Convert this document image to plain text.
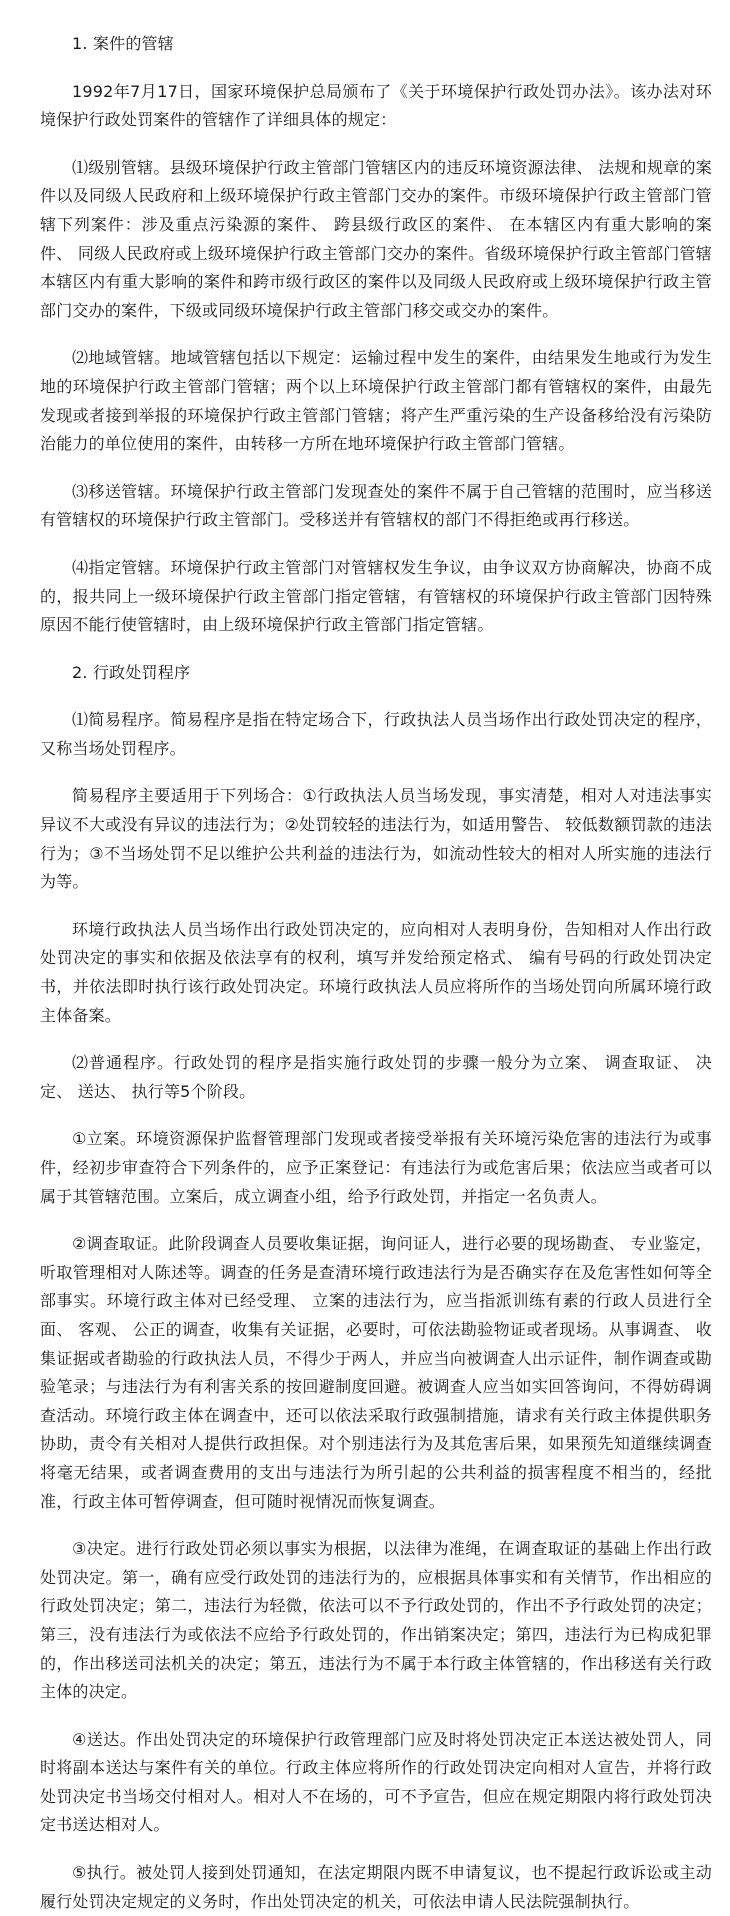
1. 案件的管辖

1992年7月17日，国家环境保护总局颁布了《关于环境保护行政处罚办法》。该办法对环境保护行政处罚案件的管辖作了详细具体的规定：

⑴级别管辖。县级环境保护行政主管部门管辖区内的违反环境资源法律、 法规和规章的案件以及同级人民政府和上级环境保护行政主管部门交办的案件。市级环境保护行政主管部门管辖下列案件：涉及重点污染源的案件、 跨县级行政区的案件、 在本辖区内有重大影响的案件、 同级人民政府或上级环境保护行政主管部门交办的案件。省级环境保护行政主管部门管辖本辖区内有重大影响的案件和跨市级行政区的案件以及同级人民政府或上级环境保护行政主管部门交办的案件，下级或同级环境保护行政主管部门移交或交办的案件。

⑵地域管辖。地域管辖包括以下规定：运输过程中发生的案件，由结果发生地或行为发生地的环境保护行政主管部门管辖；两个以上环境保护行政主管部门都有管辖权的案件，由最先发现或者接到举报的环境保护行政主管部门管辖；将产生严重污染的生产设备移给没有污染防治能力的单位使用的案件，由转移一方所在地环境保护行政主管部门管辖。

⑶移送管辖。环境保护行政主管部门发现查处的案件不属于自己管辖的范围时，应当移送有管辖权的环境保护行政主管部门。受移送并有管辖权的部门不得拒绝或再行移送。

⑷指定管辖。环境保护行政主管部门对管辖权发生争议，由争议双方协商解决，协商不成的，报共同上一级环境保护行政主管部门指定管辖，有管辖权的环境保护行政主管部门因特殊原因不能行使管辖时，由上级环境保护行政主管部门指定管辖。

2. 行政处罚程序

⑴简易程序。简易程序是指在特定场合下，行政执法人员当场作出行政处罚决定的程序，又称当场处罚程序。

简易程序主要适用于下列场合：①行政执法人员当场发现，事实清楚，相对人对违法事实异议不大或没有异议的违法行为；②处罚较轻的违法行为，如适用警告、 较低数额罚款的违法行为；③不当场处罚不足以维护公共利益的违法行为，如流动性较大的相对人所实施的违法行为等。

环境行政执法人员当场作出行政处罚决定的，应向相对人表明身份，告知相对人作出行政处罚决定的事实和依据及依法享有的权利，填写并发给预定格式、 编有号码的行政处罚决定书，并依法即时执行该行政处罚决定。环境行政执法人员应将所作的当场处罚向所属环境行政主体备案。

⑵普通程序。行政处罚的程序是指实施行政处罚的步骤一般分为立案、 调查取证、 决定、 送达、 执行等5个阶段。

①立案。环境资源保护监督管理部门发现或者接受举报有关环境污染危害的违法行为或事件，经初步审查符合下列条件的，应予正案登记：有违法行为或危害后果；依法应当或者可以属于其管辖范围。立案后，成立调查小组，给予行政处罚，并指定一名负责人。

②调查取证。此阶段调查人员要收集证据，询问证人，进行必要的现场勘查、 专业鉴定，听取管理相对人陈述等。调查的任务是查清环境行政违法行为是否确实存在及危害性如何等全部事实。环境行政主体对已经受理、 立案的违法行为，应当指派训练有素的行政人员进行全面、 客观、 公正的调查，收集有关证据，必要时，可依法勘验物证或者现场。从事调查、 收集证据或者勘验的行政执法人员，不得少于两人，并应当向被调查人出示证件，制作调查或勘验笔录；与违法行为有利害关系的按回避制度回避。被调查人应当如实回答询问，不得妨碍调查活动。环境行政主体在调查中，还可以依法采取行政强制措施，请求有关行政主体提供职务协助，责令有关相对人提供行政担保。对个别违法行为及其危害后果，如果预先知道继续调查将毫无结果，或者调查费用的支出与违法行为所引起的公共利益的损害程度不相当的，经批准，行政主体可暂停调查，但可随时视情况而恢复调查。

③决定。进行行政处罚必须以事实为根据，以法律为准绳，在调查取证的基础上作出行政处罚决定。第一，确有应受行政处罚的违法行为的，应根据具体事实和有关情节，作出相应的行政处罚决定；第二，违法行为轻微，依法可以不予行政处罚的，作出不予行政处罚的决定；第三，没有违法行为或依法不应给予行政处罚的，作出销案决定；第四，违法行为已构成犯罪的，作出移送司法机关的决定；第五，违法行为不属于本行政主体管辖的，作出移送有关行政主体的决定。

④送达。作出处罚决定的环境保护行政管理部门应及时将处罚决定正本送达被处罚人，同时将副本送达与案件有关的单位。行政主体应将所作的行政处罚决定向相对人宣告，并将行政处罚决定书当场交付相对人。相对人不在场的，可不予宣告，但应在规定期限内将行政处罚决定书送达相对人。

⑤执行。被处罚人接到处罚通知，在法定期限内既不申请复议，也不提起行政诉讼或主动履行处罚决定规定的义务时，作出处罚决定的机关，可依法申请人民法院强制执行。
